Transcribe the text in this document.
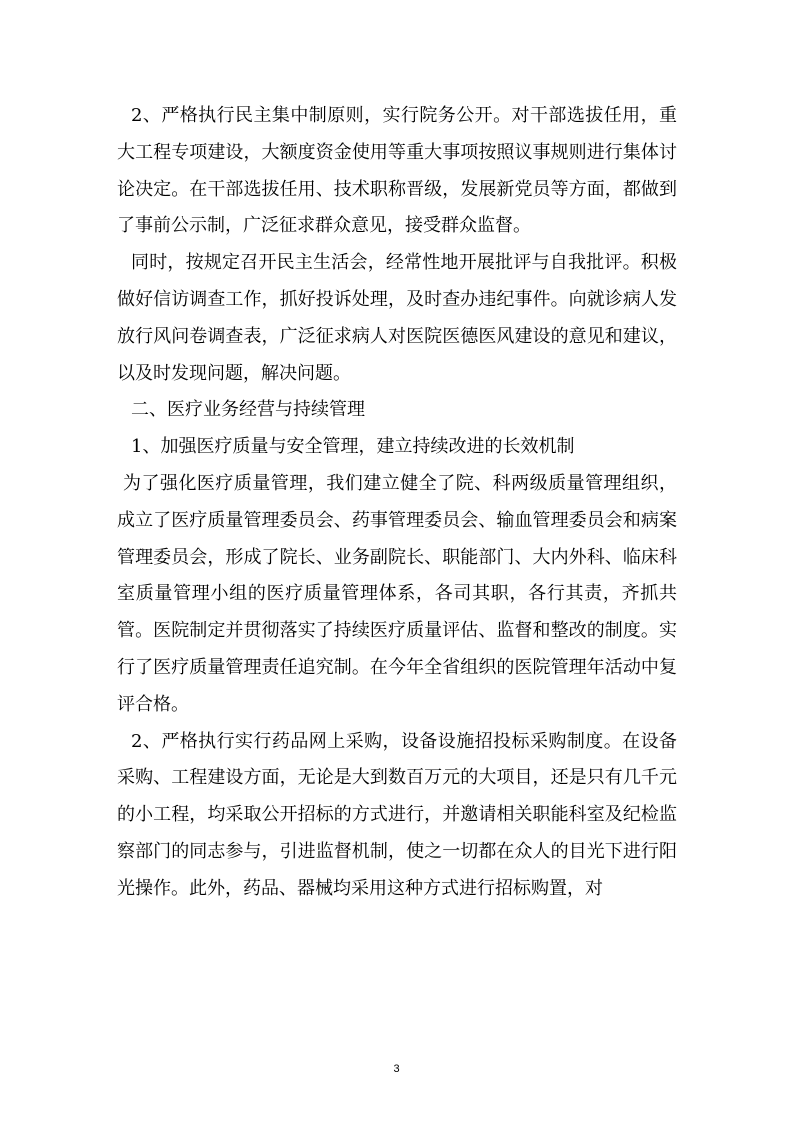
2、严格执行民主集中制原则，实行院务公开。对干部选拔任用，重大工程专项建设，大额度资金使用等重大事项按照议事规则进行集体讨论决定。在干部选拔任用、技术职称晋级，发展新党员等方面，都做到了事前公示制，广泛征求群众意见，接受群众监督。

同时，按规定召开民主生活会，经常性地开展批评与自我批评。积极做好信访调查工作，抓好投诉处理，及时查办违纪事件。向就诊病人发放行风问卷调查表，广泛征求病人对医院医德医风建设的意见和建议，以及时发现问题，解决问题。

二、医疗业务经营与持续管理

1、加强医疗质量与安全管理，建立持续改进的长效机制

为了强化医疗质量管理，我们建立健全了院、科两级质量管理组织，成立了医疗质量管理委员会、药事管理委员会、输血管理委员会和病案管理委员会，形成了院长、业务副院长、职能部门、大内外科、临床科室质量管理小组的医疗质量管理体系，各司其职，各行其责，齐抓共管。医院制定并贯彻落实了持续医疗质量评估、监督和整改的制度。实行了医疗质量管理责任追究制。在今年全省组织的医院管理年活动中复评合格。

2、严格执行实行药品网上采购，设备设施招投标采购制度。在设备采购、工程建设方面，无论是大到数百万元的大项目，还是只有几千元的小工程，均采取公开招标的方式进行，并邀请相关职能科室及纪检监察部门的同志参与，引进监督机制，使之一切都在众人的目光下进行阳光操作。此外，药品、器械均采用这种方式进行招标购置，对

3
